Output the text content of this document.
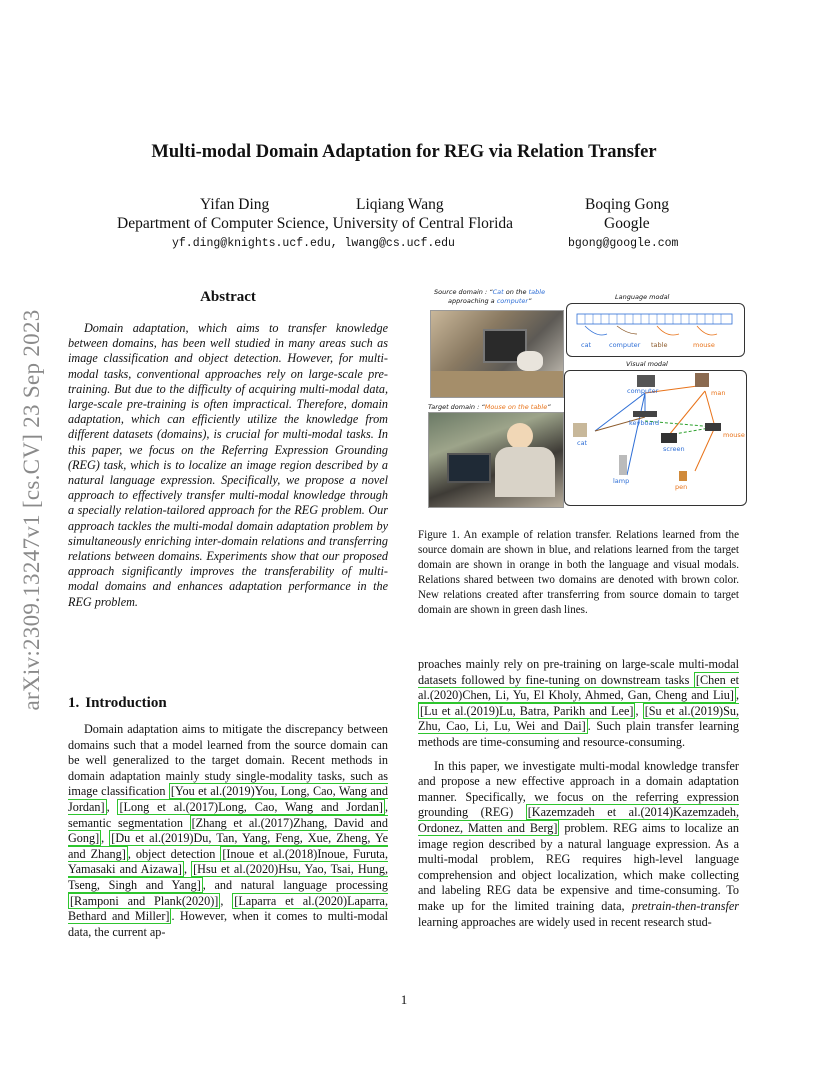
arXiv:2309.13247v1 [cs.CV] 23 Sep 2023
Multi-modal Domain Adaptation for REG via Relation Transfer
Yifan Ding	Liqiang Wang	Boqing Gong
Department of Computer Science, University of Central Florida	Google
yf.ding@knights.ucf.edu, lwang@cs.ucf.edu	bgong@google.com
Abstract
Domain adaptation, which aims to transfer knowledge between domains, has been well studied in many areas such as image classification and object detection. However, for multi-modal tasks, conventional approaches rely on large-scale pre-training. But due to the difficulty of acquiring multi-modal data, large-scale pre-training is often impractical. Therefore, domain adaptation, which can efficiently utilize the knowledge from different datasets (domains), is crucial for multi-modal tasks. In this paper, we focus on the Referring Expression Grounding (REG) task, which is to localize an image region described by a natural language expression. Specifically, we propose a novel approach to effectively transfer multi-modal knowledge through a specially relation-tailored approach for the REG problem. Our approach tackles the multi-modal domain adaptation problem by simultaneously enriching inter-domain relations and transferring relations between domains. Experiments show that our proposed approach significantly improves the transferability of multi-modal domains and enhances adaptation performance in the REG problem.
1. Introduction

Domain adaptation aims to mitigate the discrepancy between domains such that a model learned from the source domain can be well generalized to the target domain. Recent methods in domain adaptation mainly study single-modality tasks, such as image classification [You et al.(2019)You, Long, Cao, Wang and Jordan] , [Long et al.(2017)Long, Cao, Wang and Jordan] , semantic segmentation [Zhang et al.(2017)Zhang, David and Gong] , [Du et al.(2019)Du, Tan, Yang, Feng, Xue, Zheng, Ye and Zhang] , object detection [Inoue et al.(2018)Inoue, Furuta, Yamasaki and Aizawa] , [Hsu et al.(2020)Hsu, Yao, Tsai, Hung, Tseng, Singh and Yang] , and natural language processing [Ramponi and Plank(2020)] , [Laparra et al.(2020)Laparra, Bethard and Miller] . However, when it comes to multi-modal data, the current ap-

Source domain : “Cat on the table
approaching a computer”
Target domain : “Mouse on the table”
Language modal
cat	computer table	mouse
Visual modal
computer	man
keyboard
mouse
cat
screen
lamp
pen
Figure 1. An example of relation transfer. Relations learned from the source domain are shown in blue, and relations learned from the target domain are shown in orange in both the language and visual modals. Relations shared between two domains are denoted with brown color. New relations created after transferring from source domain to target domain are shown in green dash lines.

proaches mainly rely on pre-training on large-scale multi-modal datasets followed by fine-tuning on downstream tasks [Chen et al.(2020)Chen, Li, Yu, El Kholy, Ahmed, Gan, Cheng and Liu] , [Lu et al.(2019)Lu, Batra, Parikh and Lee] , [Su et al.(2019)Su, Zhu, Cao, Li, Lu, Wei and Dai] . Such plain transfer learning methods are time-consuming and resource-consuming.

In this paper, we investigate multi-modal knowledge transfer and propose a new effective approach in a domain adaptation manner. Specifically, we focus on the referring expression grounding (REG) [Kazemzadeh et al.(2014)Kazemzadeh, Ordonez, Matten and Berg] problem. REG aims to localize an image region described by a natural language expression. As a multi-modal problem, REG requires high-level language comprehension and object localization, which make collecting and labeling REG data be expensive and time-consuming. To make up for the limited training data, pretrain-then-transfer learning approaches are widely used in recent research stud-

1
